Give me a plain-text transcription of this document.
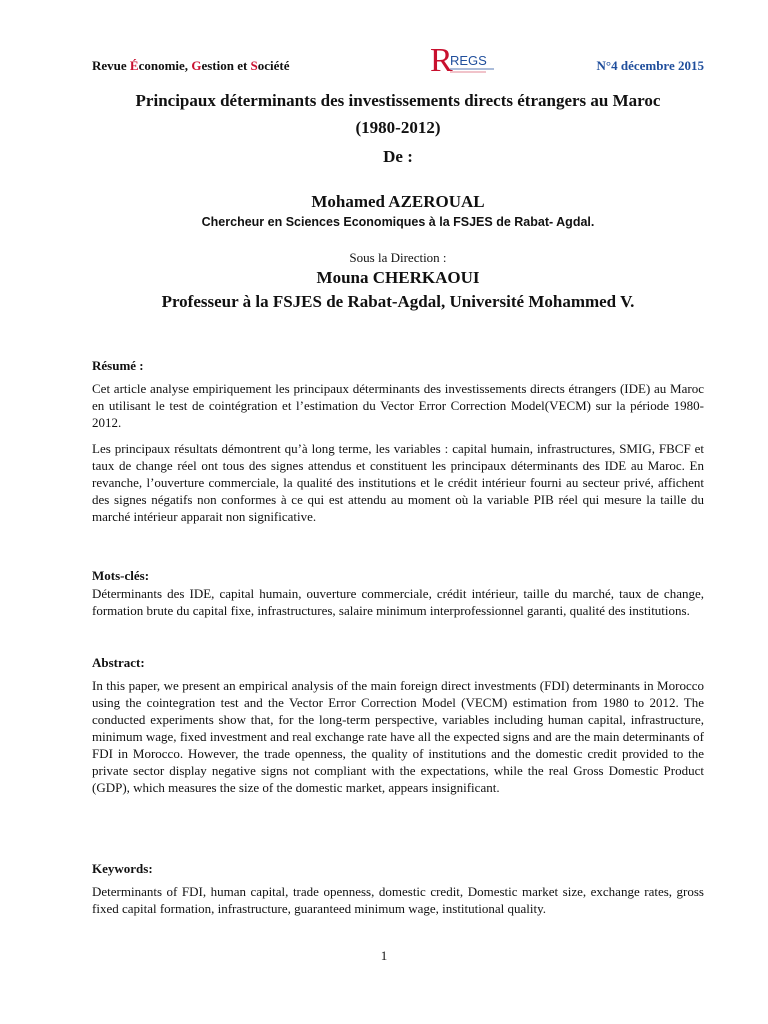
Revue Économie, Gestion et Société	R
REGS	N°4 décembre 2015
Principaux déterminants des investissements directs étrangers au Maroc
(1980-2012)
De :
Mohamed AZEROUAL
Chercheur en Sciences Economiques à la FSJES de Rabat- Agdal.
Sous la Direction :
Mouna CHERKAOUI
Professeur à la FSJES de Rabat-Agdal, Université Mohammed V.
Résumé :

Cet article analyse empiriquement les principaux déterminants des investissements directs étrangers (IDE) au Maroc en utilisant le test de cointégration et l’estimation du Vector Error Correction Model(VECM) sur la période 1980-2012.

Les principaux résultats démontrent qu’à long terme, les variables : capital humain, infrastructures, SMIG, FBCF et taux de change réel ont tous des signes attendus et constituent les principaux déterminants des IDE au Maroc. En revanche, l’ouverture commerciale, la qualité des institutions et le crédit intérieur fourni au secteur privé, affichent des signes négatifs non conformes à ce qui est attendu au moment où la variable PIB réel qui mesure la taille du marché intérieur apparait non significative.

Mots-clés:

Déterminants des IDE, capital humain, ouverture commerciale, crédit intérieur, taille du marché, taux de change, formation brute du capital fixe, infrastructures, salaire minimum interprofessionnel garanti, qualité des institutions.

Abstract:

In this paper, we present an empirical analysis of the main foreign direct investments (FDI) determinants in Morocco using the cointegration test and the Vector Error Correction Model (VECM) estimation from 1980 to 2012. The conducted experiments show that, for the long-term perspective, variables including human capital, infrastructure, minimum wage, fixed investment and real exchange rate have all the expected signs and are the main determinants of FDI in Morocco. However, the trade openness, the quality of institutions and the domestic credit provided to the private sector display negative signs not compliant with the expectations, while the real Gross Domestic Product (GDP), which measures the size of the domestic market, appears insignificant.

Keywords:

Determinants of FDI, human capital, trade openness, domestic credit, Domestic market size, exchange rates, gross fixed capital formation, infrastructure, guaranteed minimum wage, institutional quality.

1
